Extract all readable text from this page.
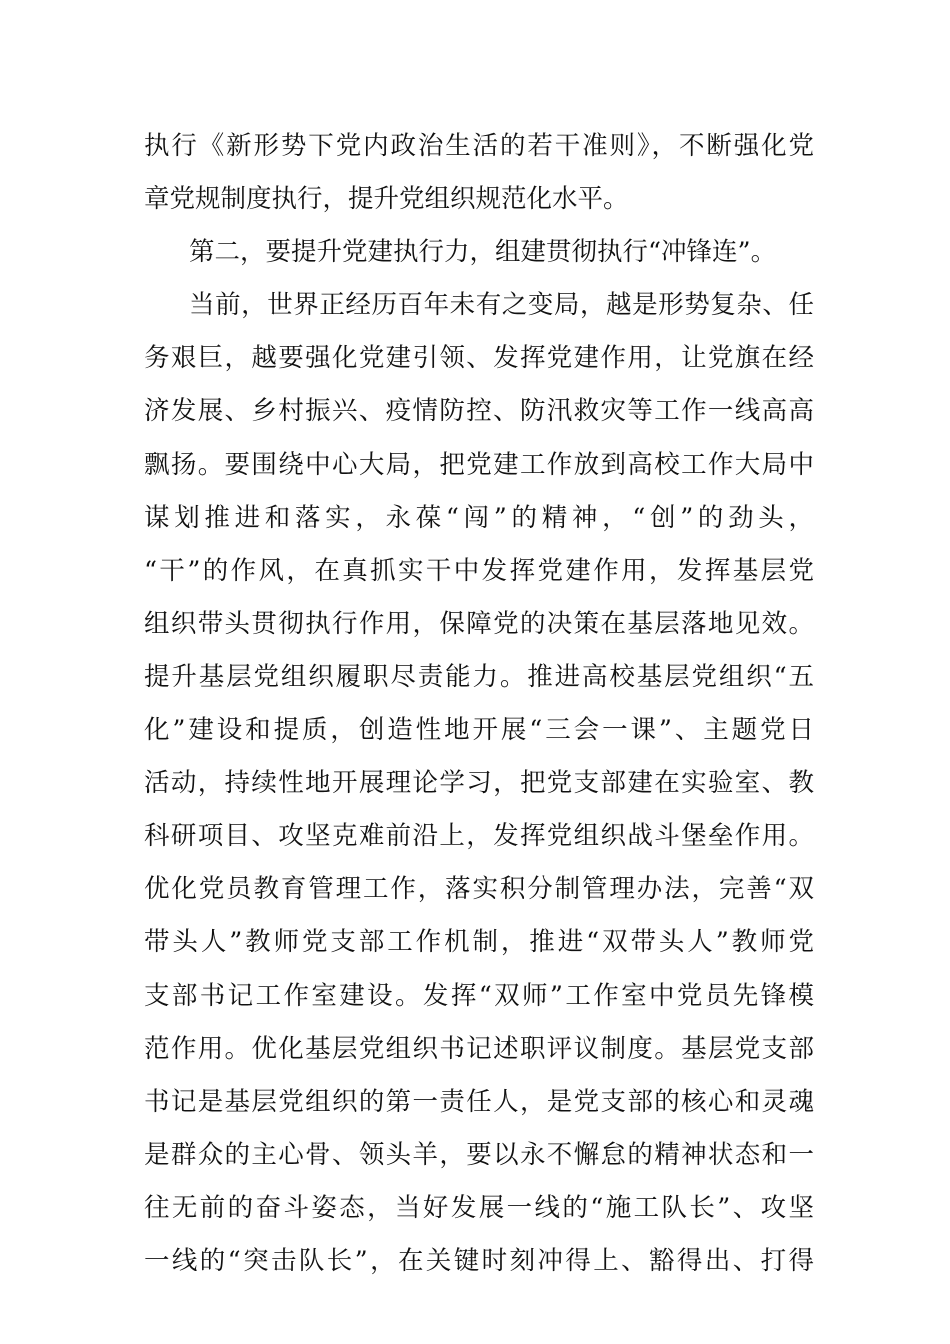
执行《新形势下党内政治生活的若干准则》，不断强化党
章党规制度执行，提升党组织规范化水平。
第二，要提升党建执行力，组建贯彻执行“冲锋连”。
当前，世界正经历百年未有之变局，越是形势复杂、任
务艰巨，越要强化党建引领、发挥党建作用，让党旗在经
济发展、乡村振兴、疫情防控、防汛救灾等工作一线高高
飘扬。要围绕中心大局，把党建工作放到高校工作大局中
谋划推进和落实，永葆“闯”的精神，“创”的劲头，
“干”的作风，在真抓实干中发挥党建作用，发挥基层党
组织带头贯彻执行作用，保障党的决策在基层落地见效。
提升基层党组织履职尽责能力。推进高校基层党组织“五
化”建设和提质，创造性地开展“三会一课”、主题党日
活动，持续性地开展理论学习，把党支部建在实验室、教
科研项目、攻坚克难前沿上，发挥党组织战斗堡垒作用。
优化党员教育管理工作，落实积分制管理办法，完善“双
带头人”教师党支部工作机制，推进“双带头人”教师党
支部书记工作室建设。发挥“双师”工作室中党员先锋模
范作用。优化基层党组织书记述职评议制度。基层党支部
书记是基层党组织的第一责任人，是党支部的核心和灵魂
是群众的主心骨、领头羊，要以永不懈怠的精神状态和一
往无前的奋斗姿态，当好发展一线的“施工队长”、攻坚
一线的“突击队长”，在关键时刻冲得上、豁得出、打得
